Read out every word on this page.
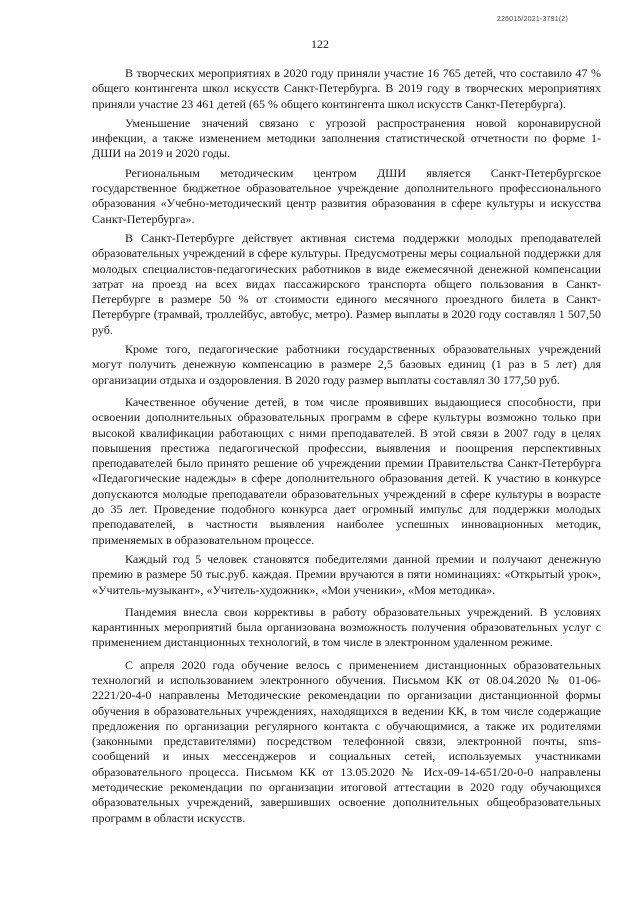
226015/2021-3791(2)
122

В творческих мероприятиях в 2020 году приняли участие 16 765 детей, что составило 47 % общего контингента школ искусств Санкт-Петербурга. В 2019 году в творческих мероприятиях приняли участие 23 461 детей (65 % общего контингента школ искусств Санкт-Петербурга).

Уменьшение значений связано с угрозой распространения новой коронавирусной инфекции, а также изменением методики заполнения статистической отчетности по форме 1-ДШИ на 2019 и 2020 годы.

Региональным методическим центром ДШИ является Санкт-Петербургское государственное бюджетное образовательное учреждение дополнительного профессионального образования «Учебно-методический центр развития образования в сфере культуры и искусства Санкт-Петербурга».

В Санкт-Петербурге действует активная система поддержки молодых преподавателей образовательных учреждений в сфере культуры. Предусмотрены меры социальной поддержки для молодых специалистов-педагогических работников в виде ежемесячной денежной компенсации затрат на проезд на всех видах пассажирского транспорта общего пользования в Санкт-Петербурге в размере 50 % от стоимости единого месячного проездного билета в Санкт-Петербурге (трамвай, троллейбус, автобус, метро). Размер выплаты в 2020 году составлял 1 507,50 руб.

Кроме того, педагогические работники государственных образовательных учреждений могут получить денежную компенсацию в размере 2,5 базовых единиц (1 раз в 5 лет) для организации отдыха и оздоровления. В 2020 году размер выплаты составлял 30 177,50 руб.

Качественное обучение детей, в том числе проявивших выдающиеся способности, при освоении дополнительных образовательных программ в сфере культуры возможно только при высокой квалификации работающих с ними преподавателей. В этой связи в 2007 году в целях повышения престижа педагогической профессии, выявления и поощрения перспективных преподавателей было принято решение об учреждении премии Правительства Санкт-Петербурга «Педагогические надежды» в сфере дополнительного образования детей. К участию в конкурсе допускаются молодые преподаватели образовательных учреждений в сфере культуры в возрасте до 35 лет. Проведение подобного конкурса дает огромный импульс для поддержки молодых преподавателей, в частности выявления наиболее успешных инновационных методик, применяемых в образовательном процессе.

Каждый год 5 человек становятся победителями данной премии и получают денежную премию в размере 50 тыс.руб. каждая. Премии вручаются в пяти номинациях: «Открытый урок», «Учитель-музыкант», «Учитель-художник», «Мои ученики», «Моя методика».

Пандемия внесла свои коррективы в работу образовательных учреждений. В условиях карантинных мероприятий была организована возможность получения образовательных услуг с применением дистанционных технологий, в том числе в электронном удаленном режиме.

С апреля 2020 года обучение велось с применением дистанционных образовательных технологий и использованием электронного обучения. Письмом КК от 08.04.2020 № 01-06-2221/20-4-0 направлены Методические рекомендации по организации дистанционной формы обучения в образовательных учреждениях, находящихся в ведении КК, в том числе содержащие предложения по организации регулярного контакта с обучающимися, а также их родителями (законными представителями) посредством телефонной связи, электронной почты, sms-сообщений и иных мессенджеров и социальных сетей, используемых участниками образовательного процесса. Письмом КК от 13.05.2020 № Исх-09-14-651/20-0-0 направлены методические рекомендации по организации итоговой аттестации в 2020 году обучающихся образовательных учреждений, завершивших освоение дополнительных общеобразовательных программ в области искусств.
